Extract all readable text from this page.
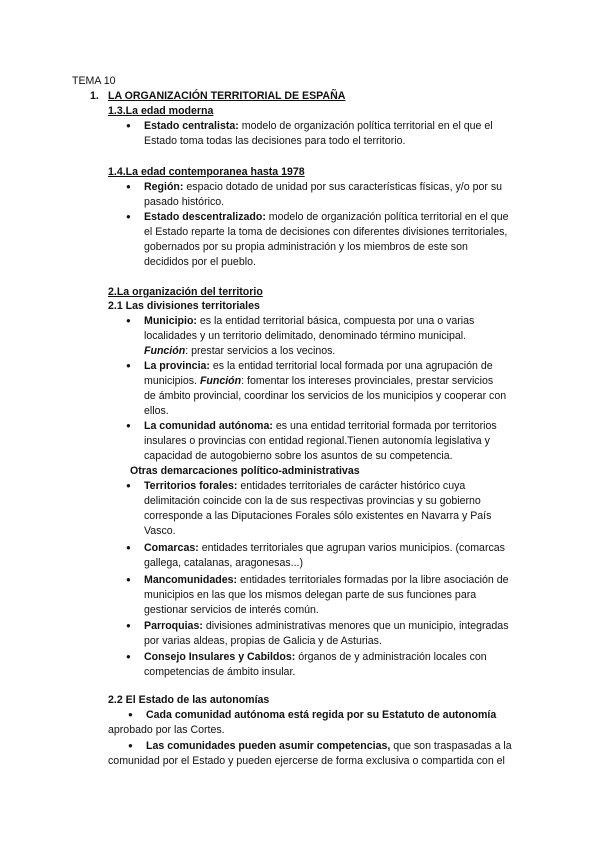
TEMA 10
1. LA ORGANIZACIÓN TERRITORIAL DE ESPAÑA
1.3.La edad moderna
● Estado centralista: modelo de organización política territorial en el que el
Estado toma todas las decisiones para todo el territorio.
1.4.La edad contemporanea hasta 1978
● Región: espacio dotado de unidad por sus características físicas, y/o por su
pasado histórico.
● Estado descentralizado: modelo de organización política territorial en el que
el Estado reparte la toma de decisiones con diferentes divisiones territoriales,
gobernados por su propia administración y los miembros de este son
decididos por el pueblo.
2.La organización del territorio
2.1 Las divisiones territoriales
● Municipio: es la entidad territorial básica, compuesta por una o varias
localidades y un territorio delimitado, denominado término municipal.
Función: prestar servicios a los vecinos.
● La provincia: es la entidad territorial local formada por una agrupación de
municipios. Función: fomentar los intereses provinciales, prestar servicios
de ámbito provincial, coordinar los servicios de los municipios y cooperar con
ellos.
● La comunidad autónoma: es una entidad territorial formada por territorios
insulares o provincias con entidad regional.Tienen autonomía legislativa y
capacidad de autogobierno sobre los asuntos de su competencia.
Otras demarcaciones político-administrativas
● Territorios forales: entidades territoriales de carácter histórico cuya
delimitación coincide con la de sus respectivas provincias y su gobierno
corresponde a las Diputaciones Forales sólo existentes en Navarra y País
Vasco.
● Comarcas: entidades territoriales que agrupan varios municipios. (comarcas
gallega, catalanas, aragonesas...)
● Mancomunidades: entidades territoriales formadas por la libre asociación de
municipios en las que los mismos delegan parte de sus funciones para
gestionar servicios de interés común.
● Parroquias: divisiones administrativas menores que un municipio, integradas
por varias aldeas, propias de Galicia y de Asturias.
● Consejo Insulares y Cabildos: órganos de y administración locales con
competencias de ámbito insular.
2.2 El Estado de las autonomías
● Cada comunidad autónoma está regida por su Estatuto de autonomía
aprobado por las Cortes.
● Las comunidades pueden asumir competencias, que son traspasadas a la
comunidad por el Estado y pueden ejercerse de forma exclusiva o compartida con el
